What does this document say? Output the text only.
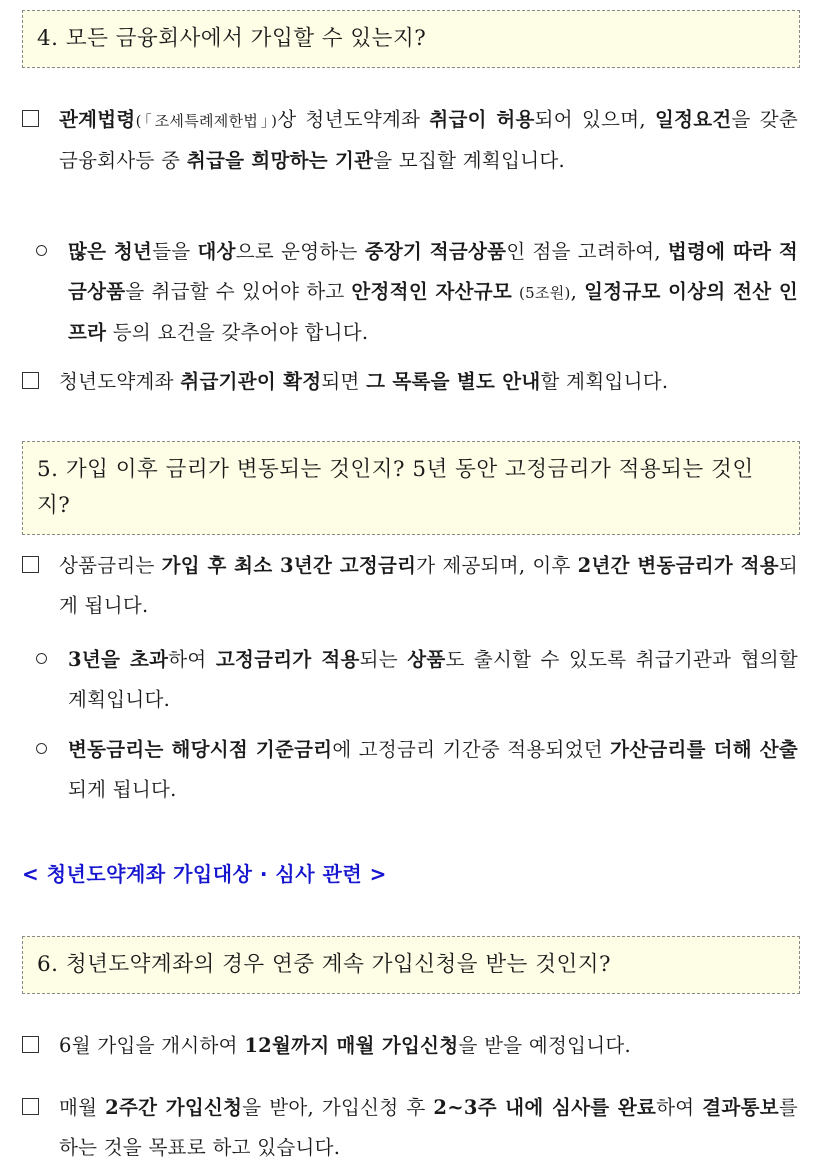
4. 모든 금융회사에서 가입할 수 있는지?
관계법령(「조세특례제한법」)상 청년도약계좌 취급이 허용되어 있으며, 일정요건을 갖춘 금융회사등 중 취급을 희망하는 기관을 모집할 계획입니다.
많은 청년들을 대상으로 운영하는 중장기 적금상품인 점을 고려하여, 법령에 따라 적금상품을 취급할 수 있어야 하고 안정적인 자산규모 (5조원), 일정규모 이상의 전산 인프라 등의 요건을 갖추어야 합니다.
청년도약계좌 취급기관이 확정되면 그 목록을 별도 안내할 계획입니다.
5. 가입 이후 금리가 변동되는 것인지? 5년 동안 고정금리가 적용되는 것인지?
상품금리는 가입 후 최소 3년간 고정금리가 제공되며, 이후 2년간 변동금리가 적용되게 됩니다.
3년을 초과하여 고정금리가 적용되는 상품도 출시할 수 있도록 취급기관과 협의할 계획입니다.
변동금리는 해당시점 기준금리에 고정금리 기간중 적용되었던 가산금리를 더해 산출되게 됩니다.
< 청년도약계좌 가입대상 · 심사 관련 >
6. 청년도약계좌의 경우 연중 계속 가입신청을 받는 것인지?
6월 가입을 개시하여 12월까지 매월 가입신청을 받을 예정입니다.
매월 2주간 가입신청을 받아, 가입신청 후 2~3주 내에 심사를 완료하여 결과통보를 하는 것을 목표로 하고 있습니다.
